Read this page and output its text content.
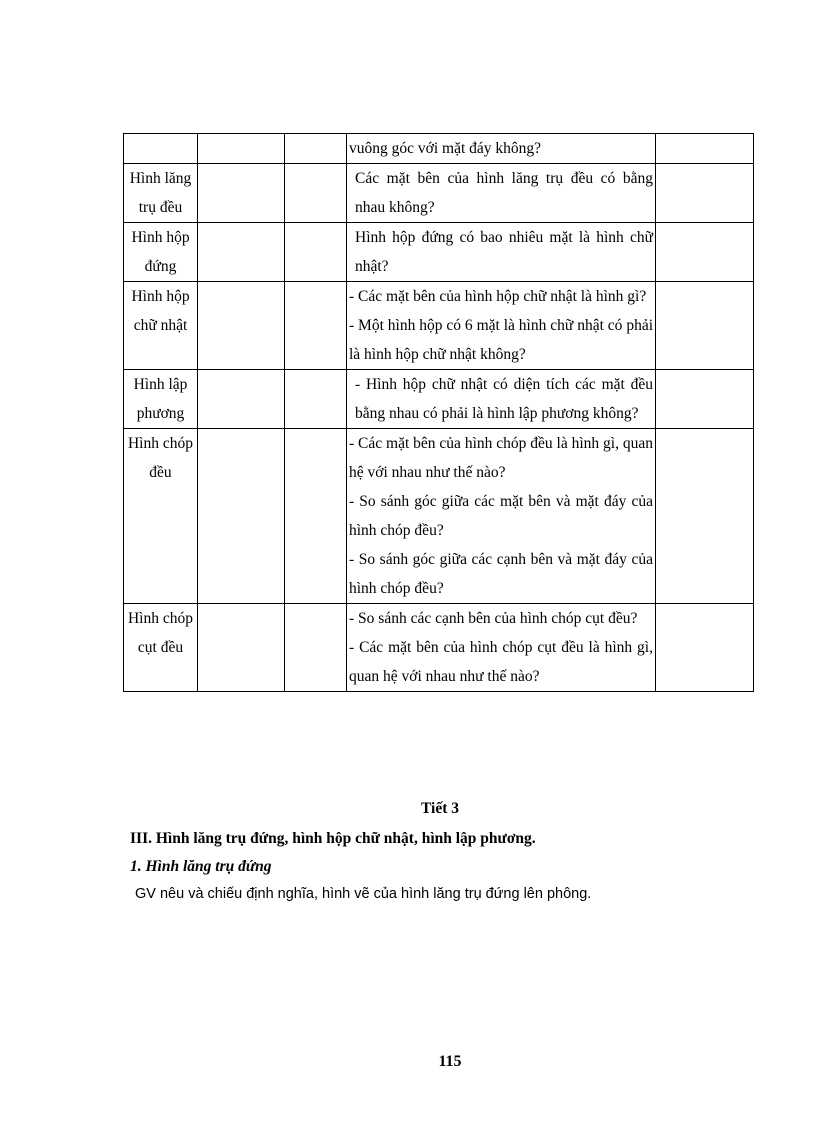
			vuông góc với mặt đáy không?	

Hình lăng trụ đều			Các mặt bên của hình lăng trụ đều có bằng nhau không?	

Hình hộp đứng			Hình hộp đứng có bao nhiêu mặt là hình chữ nhật?	

Hình hộp chữ nhật			- Các mặt bên của hình hộp chữ nhật là hình gì?
- Một hình hộp có 6 mặt là hình chữ nhật có phải là hình hộp chữ nhật không?	

Hình lập phương			- Hình hộp chữ nhật có diện tích các mặt đều bằng nhau có phải là hình lập phương không?	

Hình chóp đều			- Các mặt bên của hình chóp đều là hình gì, quan hệ với nhau như thế nào?
- So sánh góc giữa các mặt bên và mặt đáy của hình chóp đều?
- So sánh góc giữa các cạnh bên và mặt đáy của hình chóp đều?	

Hình chóp cụt đều			- So sánh các cạnh bên của hình chóp cụt đều?
- Các mặt bên của hình chóp cụt đều là hình gì, quan hệ với nhau như thế nào?	

Tiết 3
III. Hình lăng trụ đứng, hình hộp chữ nhật, hình lập phương.
1. Hình lăng trụ đứng
GV nêu và chiếu định nghĩa, hình vẽ của hình lăng trụ đứng lên phông.
115
